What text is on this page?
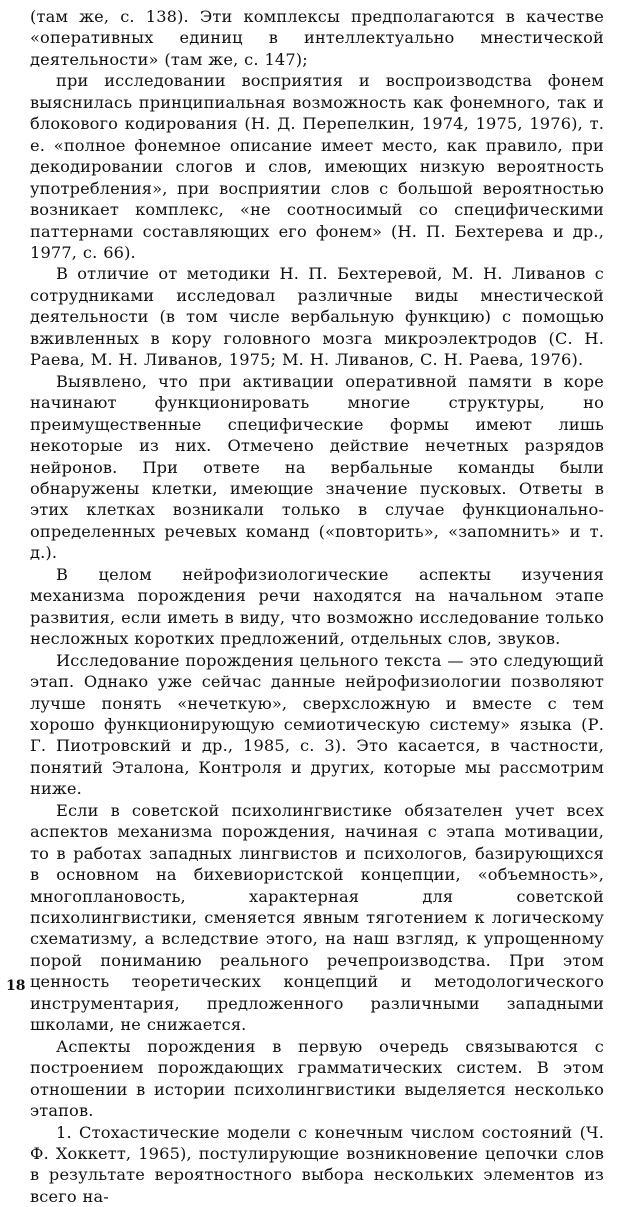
(там же, с. 138). Эти комплексы предполагаются в качестве «оперативных единиц в интеллектуально мнестической деятельности» (там же, с. 147);

при исследовании восприятия и воспроизводства фонем выяснилась принципиальная возможность как фонемного, так и блокового кодирования (Н. Д. Перепелкин, 1974, 1975, 1976), т. е. «полное фонемное описание имеет место, как правило, при декодировании слогов и слов, имеющих низкую вероятность употребления», при восприятии слов с большой вероятностью возникает комплекс, «не соотносимый со специфическими паттернами составляющих его фонем» (Н. П. Бехтерева и др., 1977, с. 66).

В отличие от методики Н. П. Бехтеревой, М. Н. Ливанов с сотрудниками исследовал различные виды мнестической деятельности (в том числе вербальную функцию) с помощью вживленных в кору головного мозга микроэлектродов (С. Н. Раева, М. Н. Ливанов, 1975; М. Н. Ливанов, С. Н. Раева, 1976).

Выявлено, что при активации оперативной памяти в коре начинают функционировать многие структуры, но преимущественные специфические формы имеют лишь некоторые из них. Отмечено действие нечетных разрядов нейронов. При ответе на вербальные команды были обнаружены клетки, имеющие значение пусковых. Ответы в этих клетках возникали только в случае функционально-определенных речевых команд («повторить», «запомнить» и т. д.).

В целом нейрофизиологические аспекты изучения механизма порождения речи находятся на начальном этапе развития, если иметь в виду, что возможно исследование только несложных коротких предложений, отдельных слов, звуков.

Исследование порождения цельного текста — это следующий этап. Однако уже сейчас данные нейрофизиологии позволяют лучше понять «нечеткую», сверхсложную и вместе с тем хорошо функционирующую семиотическую систему» языка (Р. Г. Пиотровский и др., 1985, с. 3). Это касается, в частности, понятий Эталона, Контроля и других, которые мы рассмотрим ниже.

Если в советской психолингвистике обязателен учет всех аспектов механизма порождения, начиная с этапа мотивации, то в работах западных лингвистов и психологов, базирующихся в основном на бихевиористской концепции, «объемность», многоплановость, характерная для советской психолингвистики, сменяется явным тяготением к логическому схематизму, а вследствие этого, на наш взгляд, к упрощенному порой пониманию реального речепроизводства. При этом ценность теоретических концепций и методологического инструментария, предложенного различными западными школами, не снижается.

Аспекты порождения в первую очередь связываются с построением порождающих грамматических систем. В этом отношении в истории психолингвистики выделяется несколько этапов.

1. Стохастические модели с конечным числом состояний (Ч. Ф. Хоккетт, 1965), постулирующие возникновение цепочки слов в результате вероятностного выбора нескольких элементов из всего на-

18
